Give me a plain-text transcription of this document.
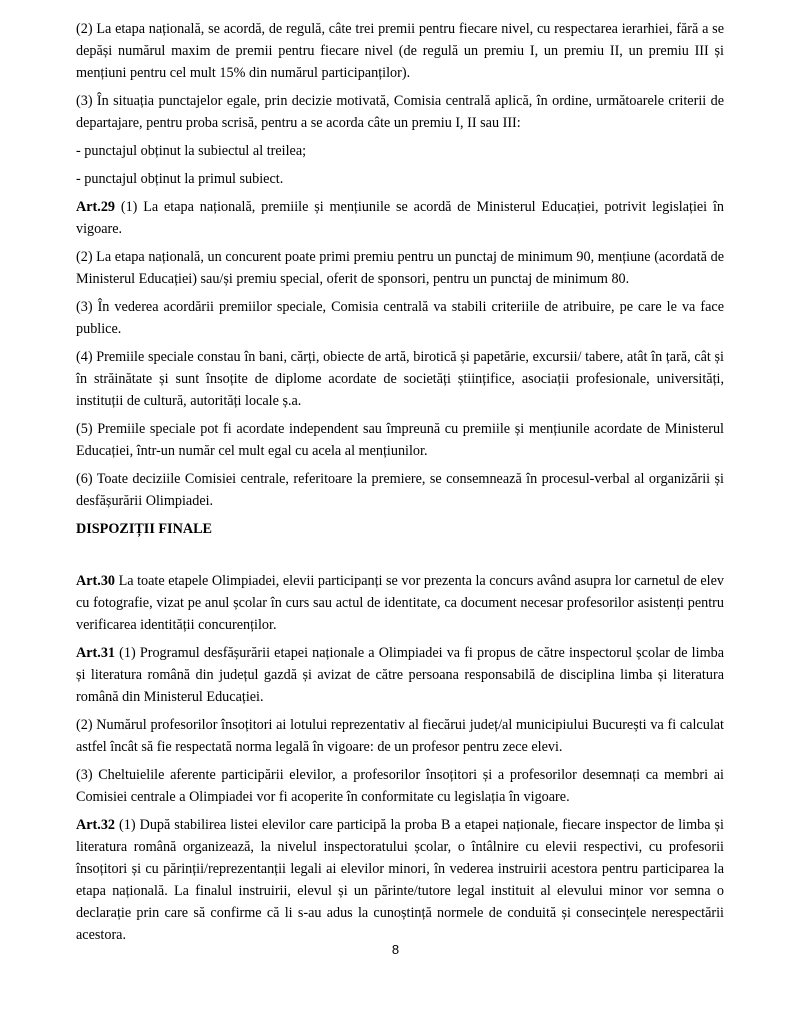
(2) La etapa națională, se acordă, de regulă, câte trei premii pentru fiecare nivel, cu respectarea ierarhiei, fără a se depăși numărul maxim de premii pentru fiecare nivel (de regulă un premiu I, un premiu II, un premiu III și mențiuni pentru cel mult 15% din numărul participanților).

(3) În situația punctajelor egale, prin decizie motivată, Comisia centrală aplică, în ordine, următoarele criterii de departajare, pentru proba scrisă, pentru a se acorda câte un premiu I, II sau III:

- punctajul obținut la subiectul al treilea;

- punctajul obținut la primul subiect.

Art.29 (1) La etapa națională, premiile și mențiunile se acordă de Ministerul Educației, potrivit legislației în vigoare.

(2) La etapa națională, un concurent poate primi premiu pentru un punctaj de minimum 90, mențiune (acordată de Ministerul Educației) sau/și premiu special, oferit de sponsori, pentru un punctaj de minimum 80.

(3) În vederea acordării premiilor speciale, Comisia centrală va stabili criteriile de atribuire, pe care le va face publice.

(4) Premiile speciale constau în bani, cărți, obiecte de artă, birotică și papetărie, excursii/ tabere, atât în țară, cât și în străinătate și sunt însoțite de diplome acordate de societăți științifice, asociații profesionale, universități, instituții de cultură, autorități locale ș.a.

(5) Premiile speciale pot fi acordate independent sau împreună cu premiile și mențiunile acordate de Ministerul Educației, într-un număr cel mult egal cu acela al mențiunilor.

(6) Toate deciziile Comisiei centrale, referitoare la premiere, se consemnează în procesul-verbal al organizării și desfășurării Olimpiadei.

DISPOZIȚII FINALE

Art.30 La toate etapele Olimpiadei, elevii participanți se vor prezenta la concurs având asupra lor carnetul de elev cu fotografie, vizat pe anul școlar în curs sau actul de identitate, ca document necesar profesorilor asistenți pentru verificarea identității concurenților.

Art.31 (1) Programul desfășurării etapei naționale a Olimpiadei va fi propus de către inspectorul școlar de limba și literatura română din județul gazdă și avizat de către persoana responsabilă de disciplina limba și literatura română din Ministerul Educației.

(2) Numărul profesorilor însoțitori ai lotului reprezentativ al fiecărui județ/al municipiului București va fi calculat astfel încât să fie respectată norma legală în vigoare: de un profesor pentru zece elevi.

(3) Cheltuielile aferente participării elevilor, a profesorilor însoțitori și a profesorilor desemnați ca membri ai Comisiei centrale a Olimpiadei vor fi acoperite în conformitate cu legislația în vigoare.

Art.32 (1) După stabilirea listei elevilor care participă la proba B a etapei naționale, fiecare inspector de limba și literatura română organizează, la nivelul inspectoratului școlar, o întâlnire cu elevii respectivi, cu profesorii însoțitori și cu părinții/reprezentanții legali ai elevilor minori, în vederea instruirii acestora pentru participarea la etapa națională. La finalul instruirii, elevul și un părinte/tutore legal instituit al elevului minor vor semna o declarație prin care să confirme că li s-au adus la cunoștință normele de conduită și consecințele nerespectării acestora.

8
